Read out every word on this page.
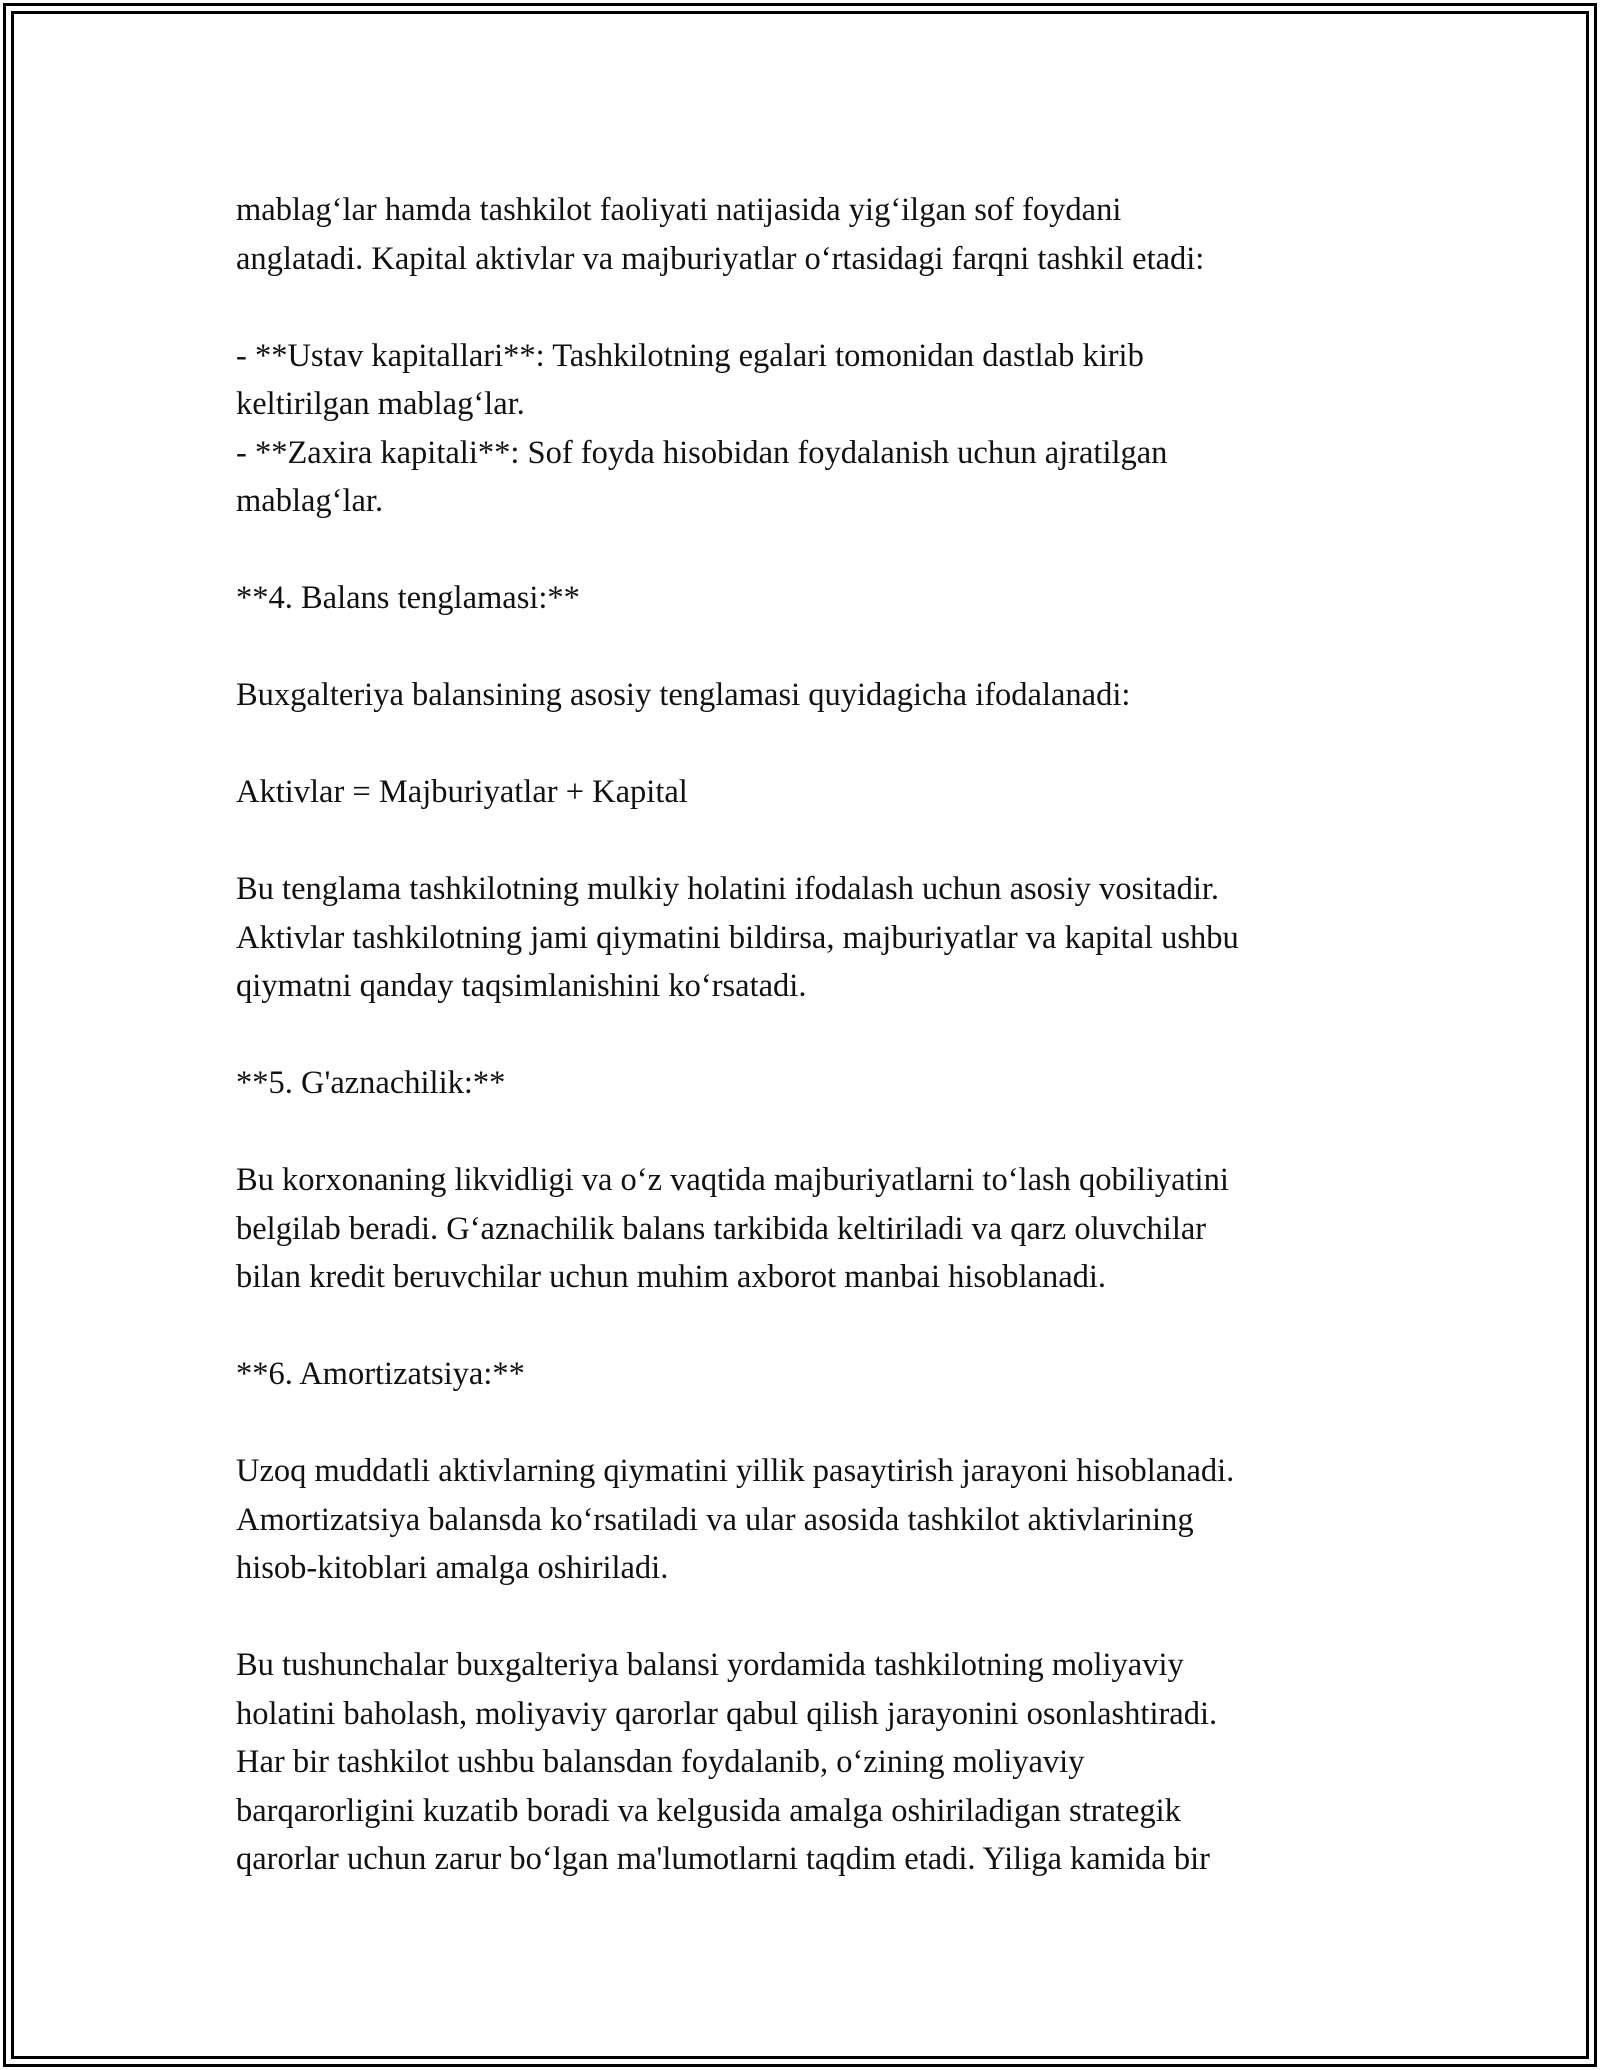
mablag‘lar hamda tashkilot faoliyati natijasida yig‘ilgan sof foydani
anglatadi. Kapital aktivlar va majburiyatlar o‘rtasidagi farqni tashkil etadi:
- **Ustav kapitallari**: Tashkilotning egalari tomonidan dastlab kirib
keltirilgan mablag‘lar.
- **Zaxira kapitali**: Sof foyda hisobidan foydalanish uchun ajratilgan
mablag‘lar.
**4. Balans tenglamasi:**
Buxgalteriya balansining asosiy tenglamasi quyidagicha ifodalanadi:
Aktivlar = Majburiyatlar + Kapital
Bu tenglama tashkilotning mulkiy holatini ifodalash uchun asosiy vositadir.
Aktivlar tashkilotning jami qiymatini bildirsa, majburiyatlar va kapital ushbu
qiymatni qanday taqsimlanishini ko‘rsatadi.
**5. G'aznachilik:**
Bu korxonaning likvidligi va o‘z vaqtida majburiyatlarni to‘lash qobiliyatini
belgilab beradi. G‘aznachilik balans tarkibida keltiriladi va qarz oluvchilar
bilan kredit beruvchilar uchun muhim axborot manbai hisoblanadi.
**6. Amortizatsiya:**
Uzoq muddatli aktivlarning qiymatini yillik pasaytirish jarayoni hisoblanadi.
Amortizatsiya balansda ko‘rsatiladi va ular asosida tashkilot aktivlarining
hisob-kitoblari amalga oshiriladi.
Bu tushunchalar buxgalteriya balansi yordamida tashkilotning moliyaviy
holatini baholash, moliyaviy qarorlar qabul qilish jarayonini osonlashtiradi.
Har bir tashkilot ushbu balansdan foydalanib, o‘zining moliyaviy
barqarorligini kuzatib boradi va kelgusida amalga oshiriladigan strategik
qarorlar uchun zarur bo‘lgan ma'lumotlarni taqdim etadi. Yiliga kamida bir
